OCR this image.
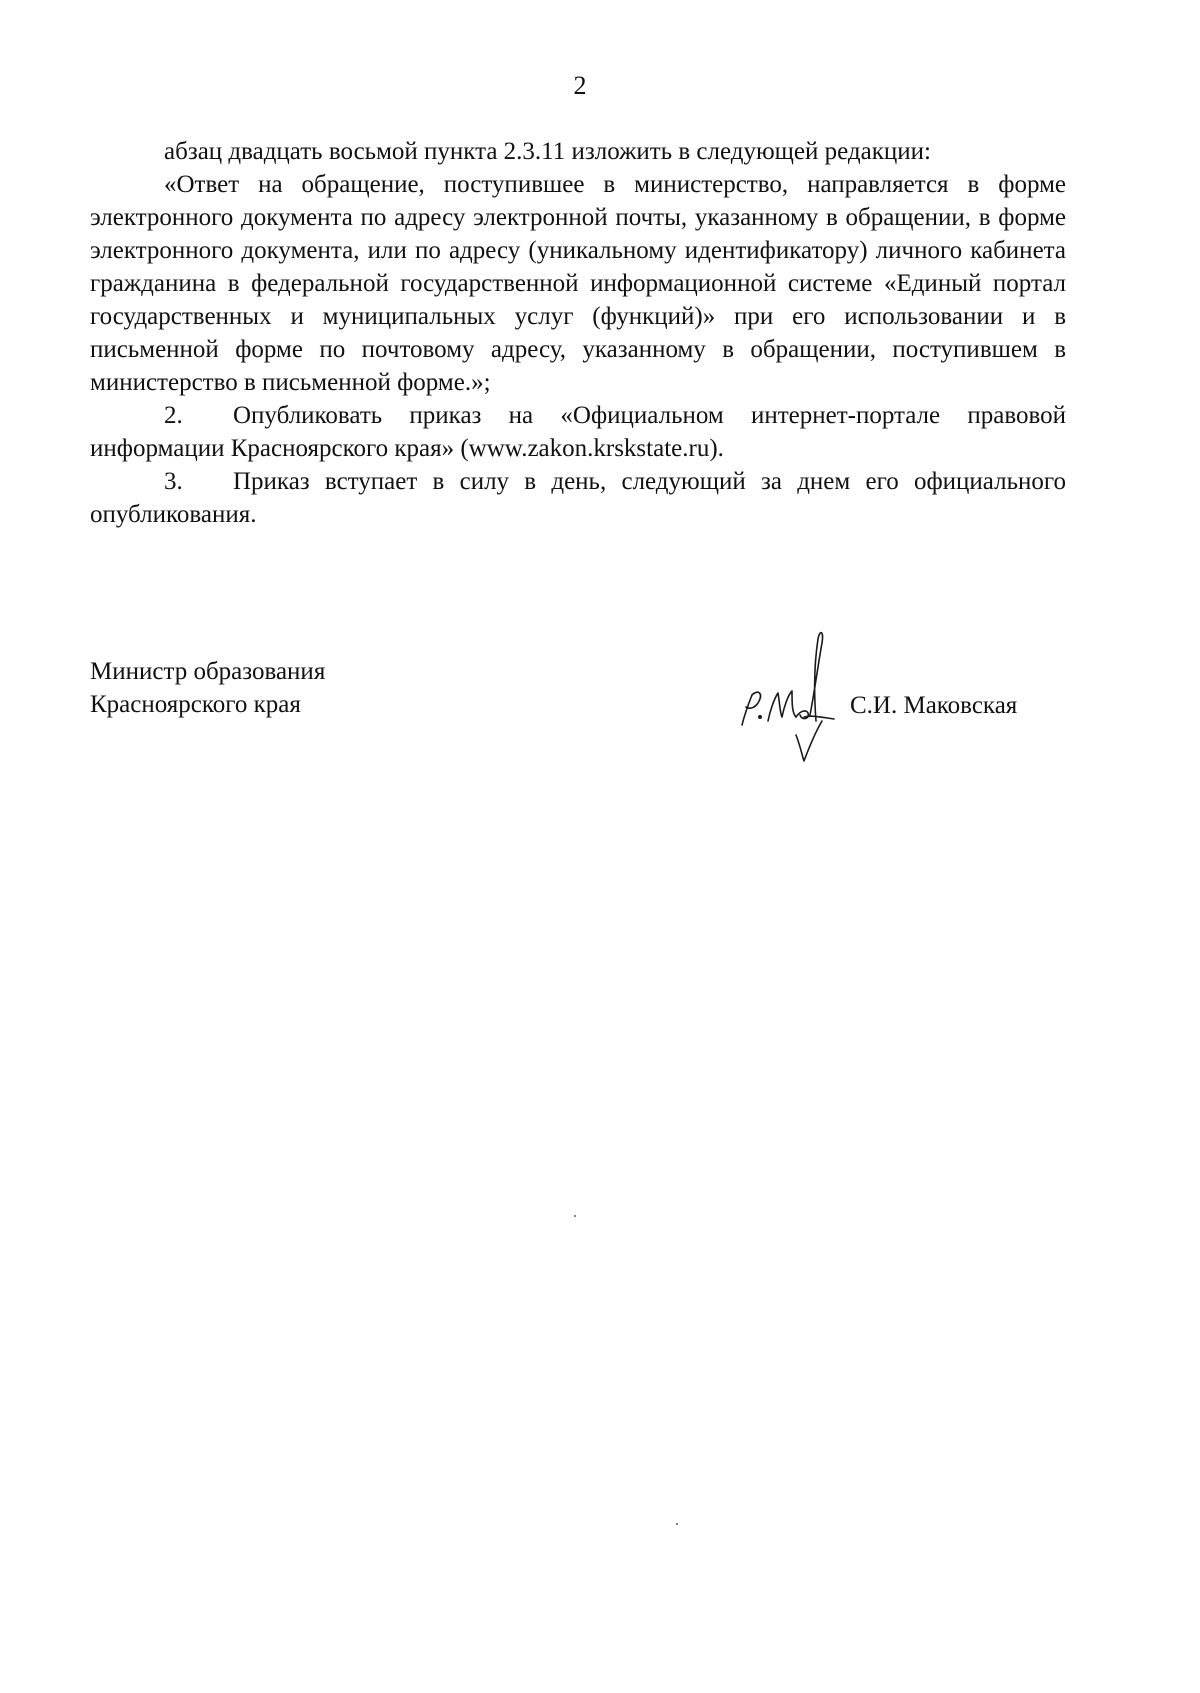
2

абзац двадцать восьмой пункта 2.3.11 изложить в следующей редакции:

«Ответ на обращение, поступившее в министерство, направляется в форме электронного документа по адресу электронной почты, указанному в обращении, в форме электронного документа, или по адресу (уникальному идентификатору) личного кабинета гражданина в федеральной государственной информационной системе «Единый портал государственных и муниципальных услуг (функций)» при его использовании и в письменной форме по почтовому адресу, указанному в обращении, поступившем в министерство в письменной форме.»;

2. Опубликовать приказ на «Официальном интернет-портале правовой информации Красноярского края» (www.zakon.krskstate.ru).

3. Приказ вступает в силу в день, следующий за днем его официального опубликования.

Министр образования
Красноярского края	С.И. Маковская
